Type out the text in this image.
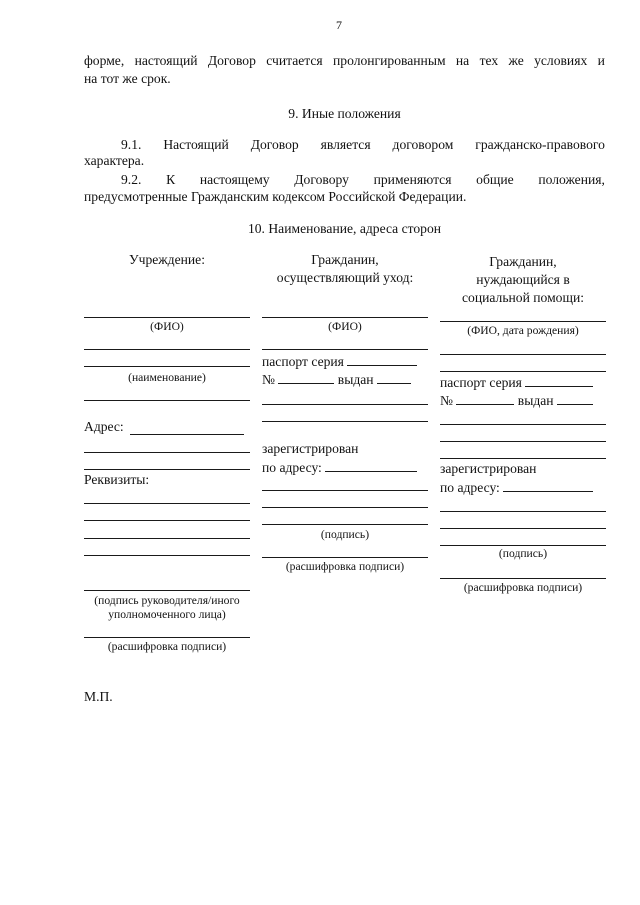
7
форме, настоящий Договор считается пролонгированным на тех же условиях и
на тот же срок.
9. Иные положения
9.1. Настоящий Договор является договором гражданско-правового
характера.
9.2. К настоящему Договору применяются общие положения,
предусмотренные Гражданским кодексом Российской Федерации.
10. Наименование, адреса сторон
Учреждение:
(ФИО)
(наименование)
Адрес:
Реквизиты:
(подпись руководителя/иного
уполномоченного лица)
(расшифровка подписи)
Гражданин,
осуществляющий уход:
(ФИО)
паспорт серия
№	выдан
зарегистрирован
по адресу:
(подпись)
(расшифровка подписи)
Гражданин,
нуждающийся в
социальной помощи:
(ФИО, дата рождения)
паспорт серия
№	выдан
зарегистрирован
по адресу:
(подпись)
(расшифровка подписи)
М.П.
